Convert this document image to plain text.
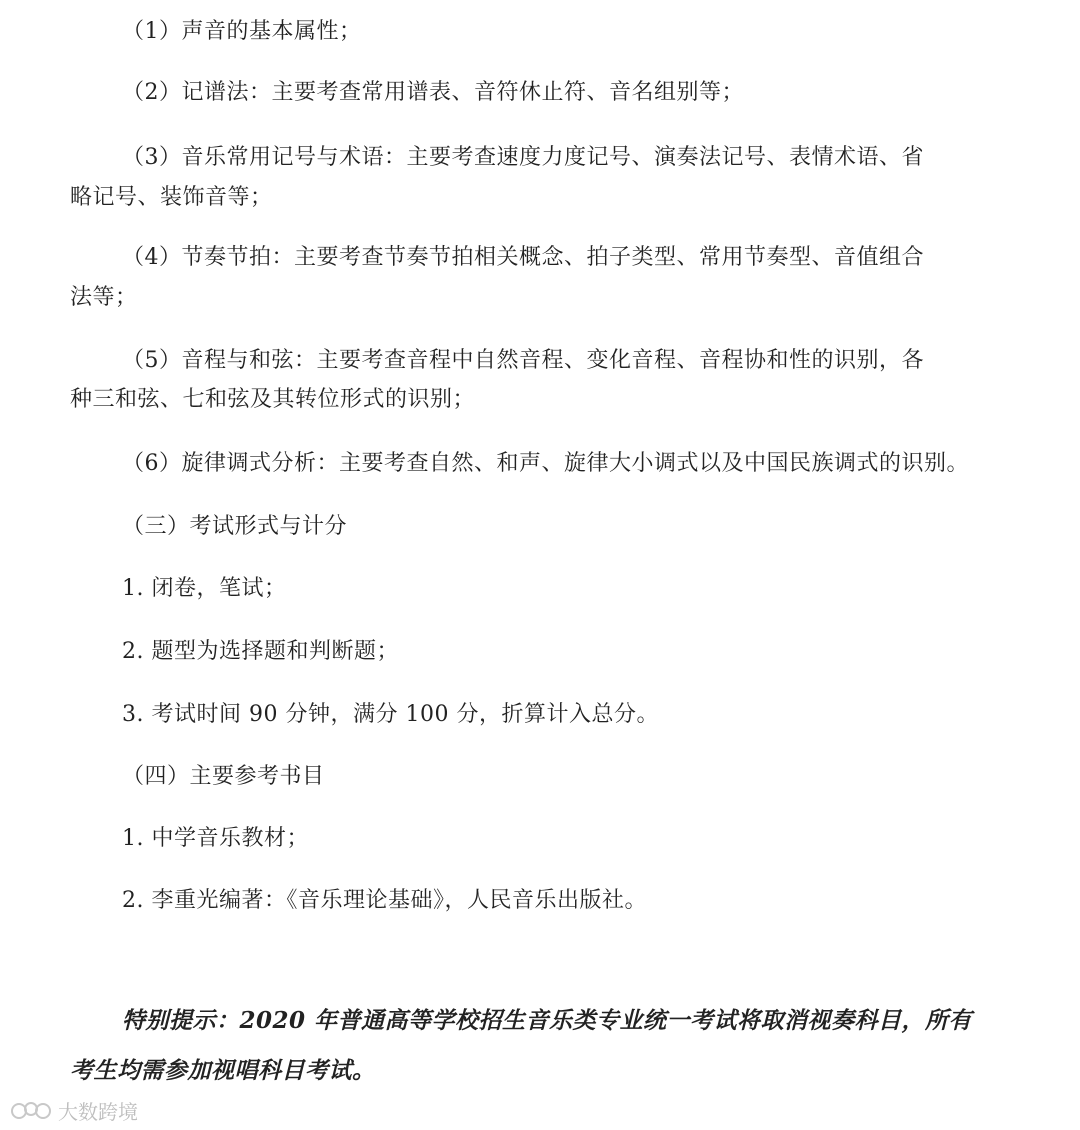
（1）声音的基本属性；
（2）记谱法：主要考查常用谱表、音符休止符、音名组别等；
（3）音乐常用记号与术语：主要考查速度力度记号、演奏法记号、表情术语、省
略记号、装饰音等；
（4）节奏节拍：主要考查节奏节拍相关概念、拍子类型、常用节奏型、音值组合
法等；
（5）音程与和弦：主要考查音程中自然音程、变化音程、音程协和性的识别，各
种三和弦、七和弦及其转位形式的识别；
（6）旋律调式分析：主要考查自然、和声、旋律大小调式以及中国民族调式的识别。
（三）考试形式与计分
1. 闭卷，笔试；
2. 题型为选择题和判断题；
3. 考试时间 90 分钟，满分 100 分，折算计入总分。
（四）主要参考书目
1. 中学音乐教材；
2. 李重光编著：《音乐理论基础》，人民音乐出版社。
特别提示：2020 年普通高等学校招生音乐类专业统一考试将取消视奏科目，所有
考生均需参加视唱科目考试。
大数跨境
